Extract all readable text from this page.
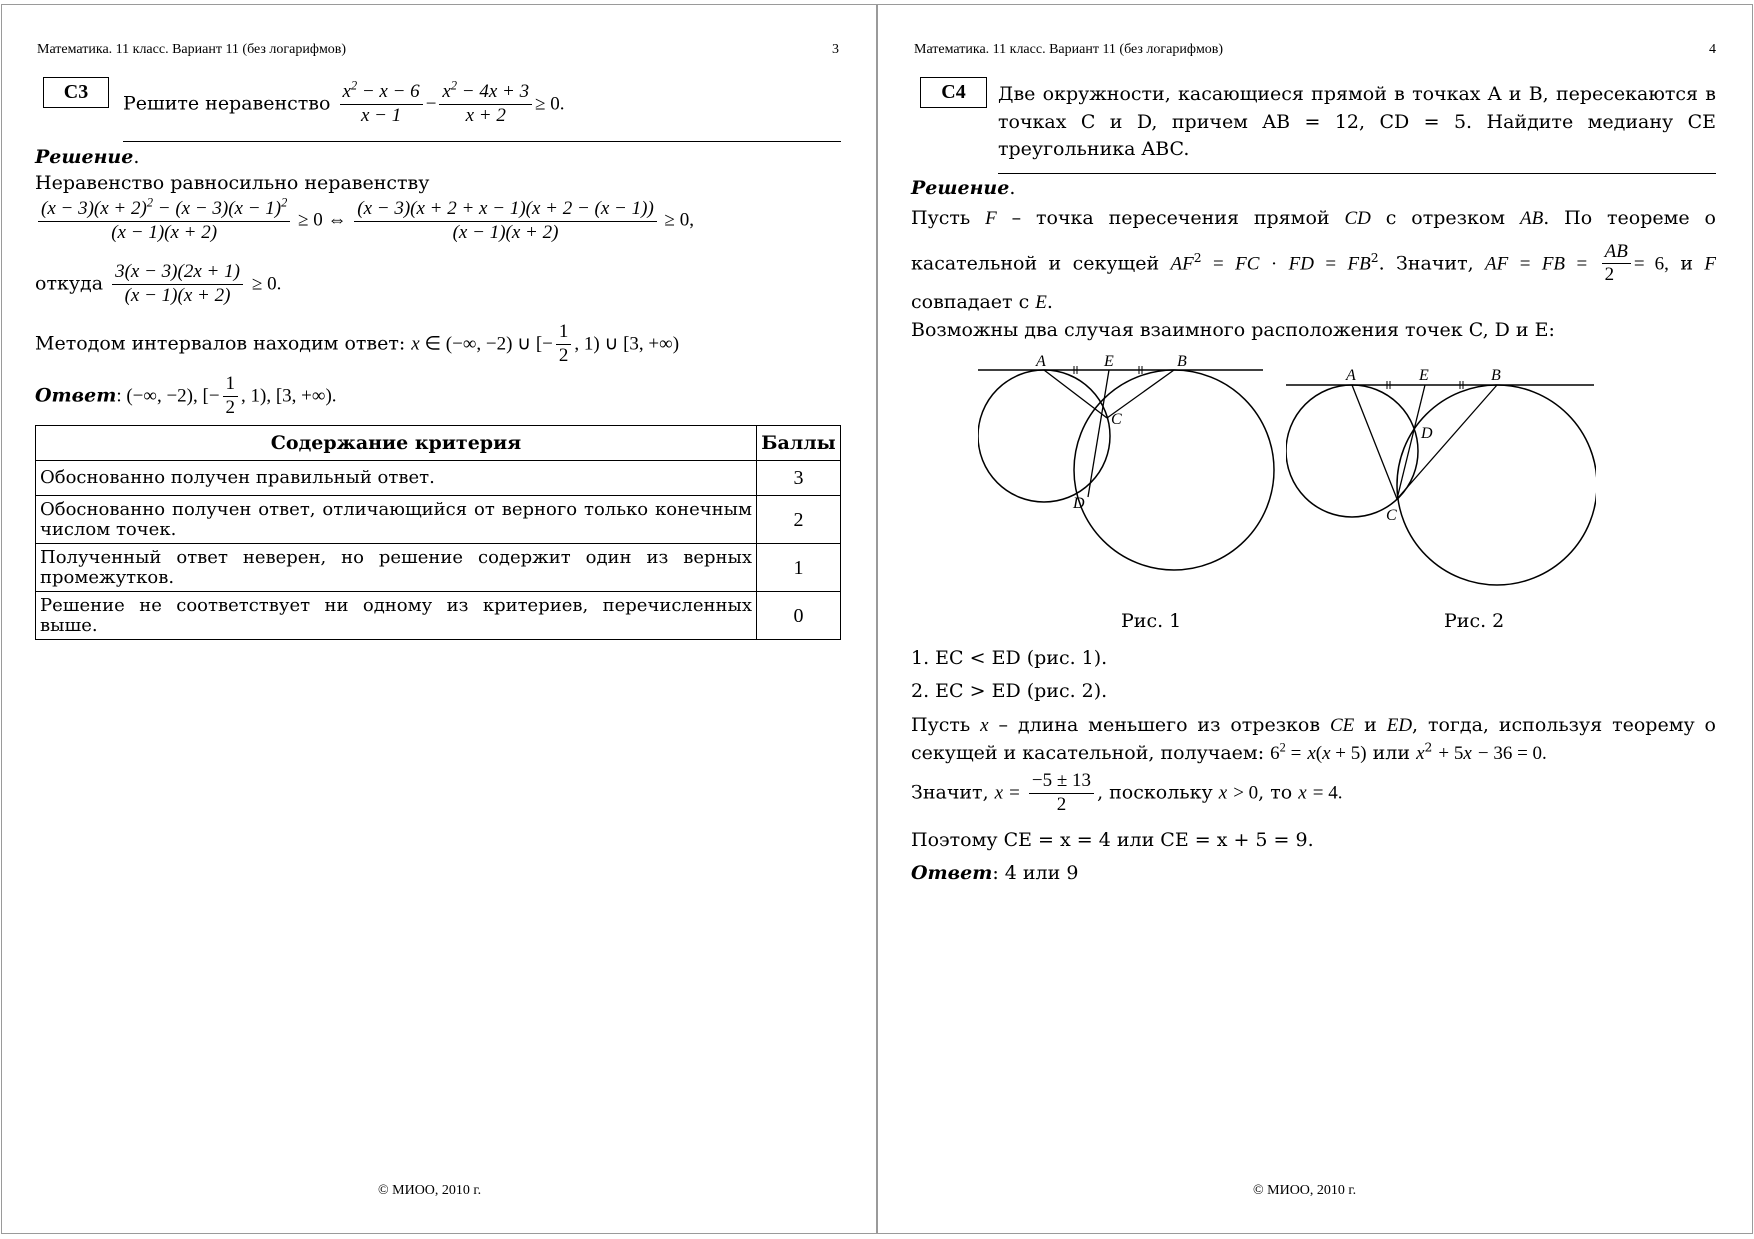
Математика. 11 класс. Вариант 11 (без логарифмов)	3
C3
Решите неравенство $\frac{x^2 - x - 6}{x - 1} - \frac{x^2 - 4x + 3}{x + 2} \ge 0$.
Решение.
Неравенство равносильно неравенству
$\frac{(x - 3)(x + 2)^2 - (x - 3)(x - 1)^2}{(x - 1)(x + 2)} \ge 0$ ⇔ $\frac{(x - 3)(x + 2 + x - 1)(x + 2 - (x - 1))}{(x - 1)(x + 2)} \ge 0$,
откуда $\frac{3(x - 3)(2x + 1)}{(x - 1)(x + 2)} \ge 0$.
Методом интервалов находим ответ: x ∈ (−∞, −2) ∪ [− $\frac{1}{2}$ , 1) ∪ [3, +∞)
Ответ: (−∞, −2), [− $\frac{1}{2}$ , 1), [3, +∞).
Содержание критерия	Баллы
Обоснованно получен правильный ответ.	3
Обоснованно получен ответ, отличающийся от верного только конечным числом точек.	2
Полученный ответ неверен, но решение содержит один из верных промежутков.	1
Решение не соответствует ни одному из критериев, перечисленных выше.	0
© МИОО, 2010 г.
Математика. 11 класс. Вариант 11 (без логарифмов)	4
C4	Две окружности, касающиеся прямой в точках A и B, пересекаются в
точках C и D, причем AB = 12, CD = 5. Найдите медиану CE
треугольника ABC.
Решение.
Пусть F – точка пересечения прямой CD с отрезком AB. По теореме о
касательной и секущей $AF^2$ = FC · FD = $FB^2$. Значит, AF = FB = $\frac{AB}{2} = 6$, и F
совпадает с E.
Возможны два случая взаимного расположения точек C, D и E:
A	E	B
C
D
A	E	B
D
C
Рис. 1	Рис. 2
1. EC < ED (рис. 1).
2. EC > ED (рис. 2).
Пусть x – длина меньшего из отрезков CE и ED, тогда, используя теорему о
секущей и касательной, получаем: $6^2 = x(x + 5)$ или $x^2 + 5x - 36 = 0$.
Значит, $x = \frac{-5 \pm 13}{2}$ , поскольку x > 0, то x = 4.
Поэтому CE = x = 4 или CE = x + 5 = 9.
Ответ: 4 или 9
© МИОО, 2010 г.
